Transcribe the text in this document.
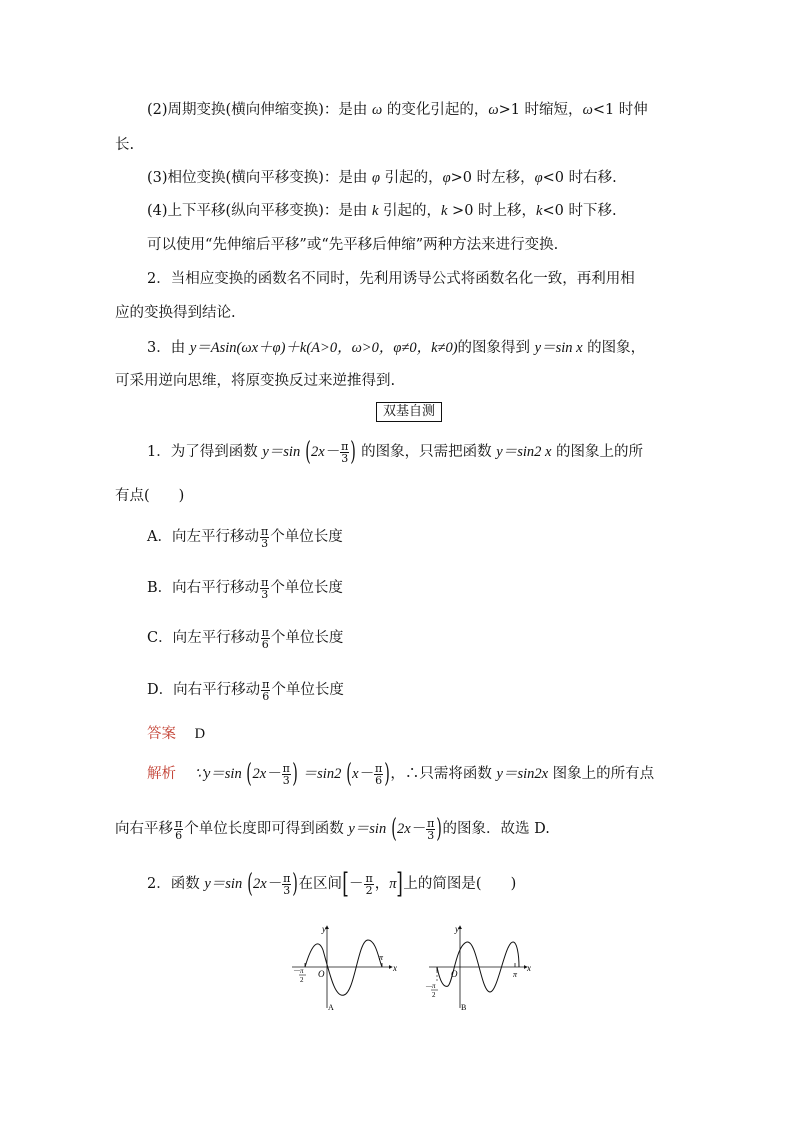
(2)周期变换(横向伸缩变换)：是由 ω 的变化引起的，ω>1 时缩短，ω<1 时伸
长.
(3)相位变换(横向平移变换)：是由 φ 引起的，φ>0 时左移，φ<0 时右移.
(4)上下平移(纵向平移变换)：是由 k 引起的，k >0 时上移，k<0 时下移.
可以使用“先伸缩后平移”或“先平移后伸缩”两种方法来进行变换.
2．当相应变换的函数名不同时，先利用诱导公式将函数名化一致，再利用相
应的变换得到结论.
3．由 y＝Asin(ωx＋φ)＋k(A>0，ω>0，φ≠0，k≠0)的图象得到 y＝sin x 的图象，
可采用逆向思维，将原变换反过来逆推得到.
双基自测
1．为了得到函数 y＝sin ($2x- \frac{\pi}{3}$ ) 的图象，只需把函数 y＝sin2 x 的图象上的所
有点(　　)
A．向左平行移动 $\frac{\pi}{3}$ 个单位长度
B．向右平行移动 $\frac{\pi}{3}$ 个单位长度
C．向左平行移动 $\frac{\pi}{6}$ 个单位长度
D．向右平行移动 $\frac{\pi}{6}$ 个单位长度
答案 D
解析 ∵y＝sin ($2x- \frac{\pi}{3}$ ) ＝sin2 ($x- \frac{\pi}{6}$ )，∴只需将函数 y＝sin2x 图象上的所有点
向右平移 $\frac{\pi}{6}$ 个单位长度即可得到函数 y＝sin ($2x- \frac{\pi}{3}$ )的图象．故选 D.
2．函数 y＝sin ($2x- \frac{\pi}{3}$ )在区间[－ $\frac{\pi}{2}$ ，π]上的简图是(　　)
y
x
O
－ π
2
π
A
y
x
O
－ π
2
π
B
